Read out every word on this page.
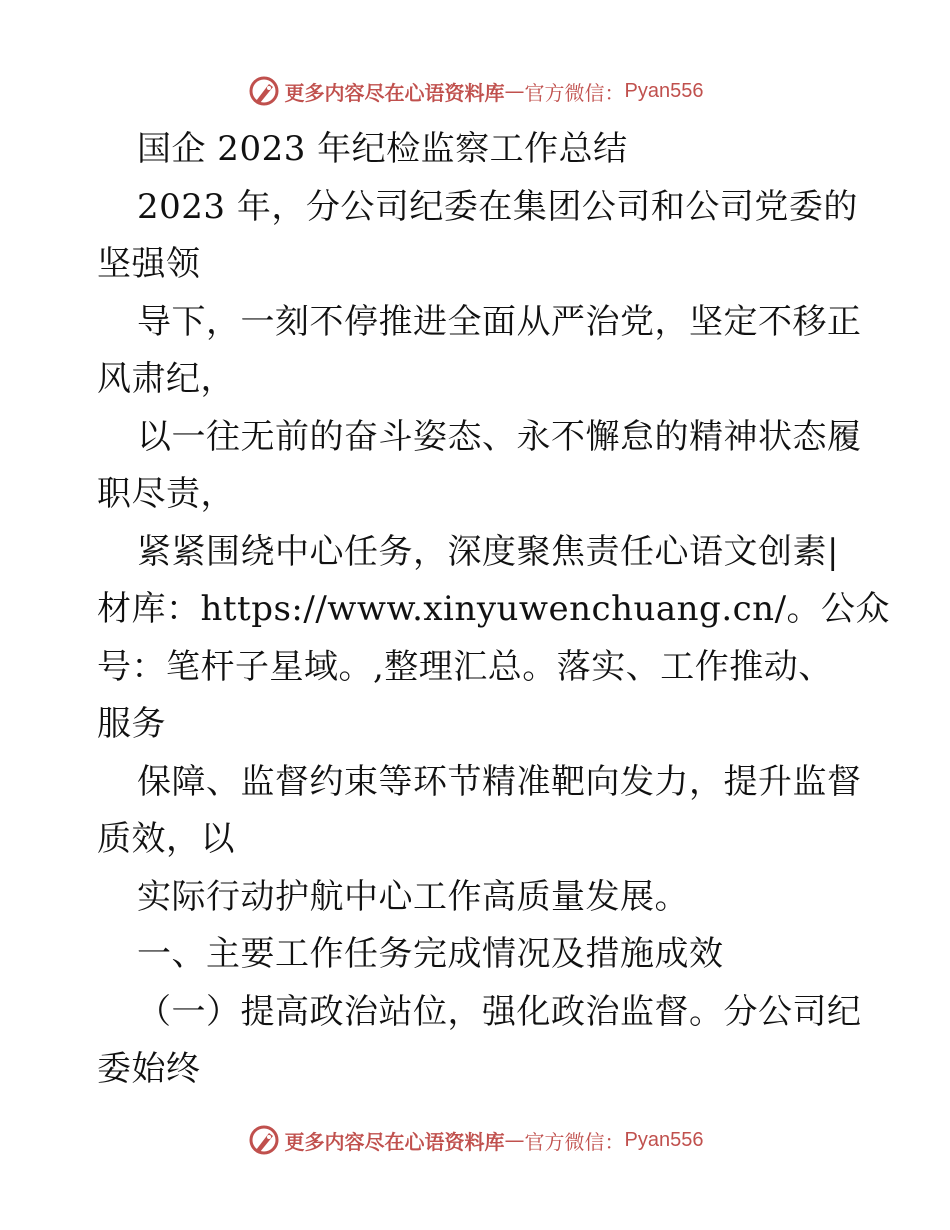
更多内容尽在心语资料库 — 官方微信： Pyan556
国企 2023 年纪检监察工作总结
2023 年，分公司纪委在集团公司和公司党委的
坚强领
导下，一刻不停推进全面从严治党，坚定不移正
风肃纪，
以一往无前的奋斗姿态、永不懈怠的精神状态履
职尽责，
紧紧围绕中心任务，深度聚焦责任心语文创素|
材库：https://www.xinyuwenchuang.cn/。公众
号：笔杆子星域。,整理汇总。落实、工作推动、
服务
保障、监督约束等环节精准靶向发力，提升监督
质效，以
实际行动护航中心工作高质量发展。
一、主要工作任务完成情况及措施成效
（一）提高政治站位，强化政治监督。分公司纪
委始终
更多内容尽在心语资料库 — 官方微信： Pyan556
